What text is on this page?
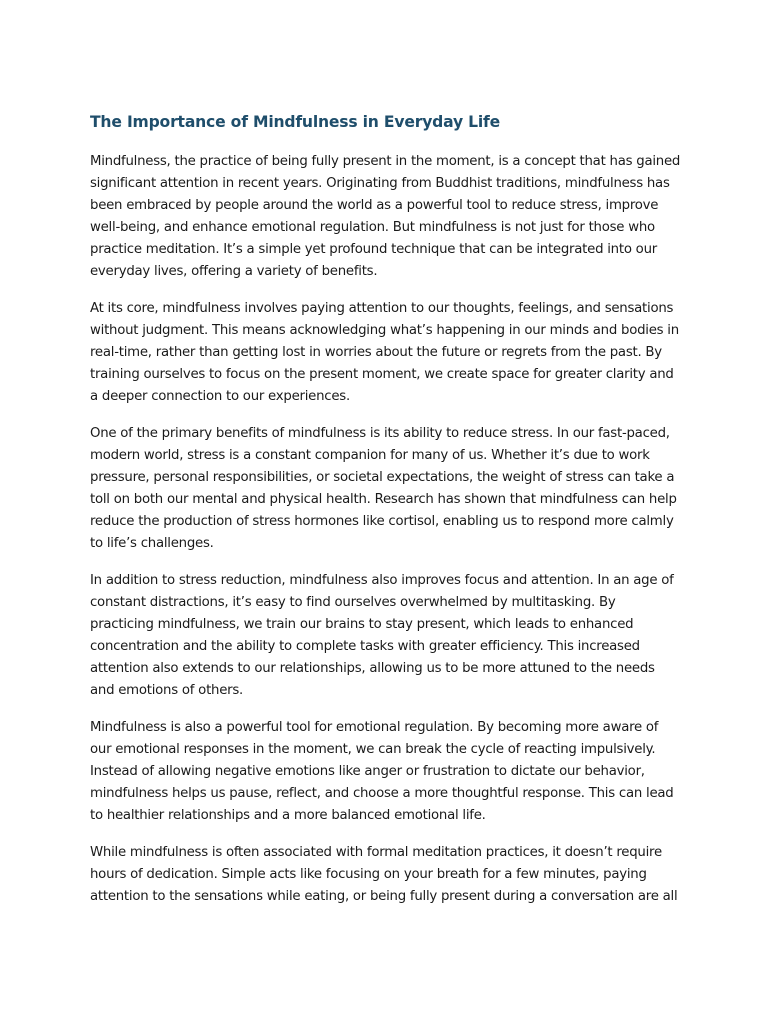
The Importance of Mindfulness in Everyday Life

Mindfulness, the practice of being fully present in the moment, is a concept that has gained significant attention in recent years. Originating from Buddhist traditions, mindfulness has been embraced by people around the world as a powerful tool to reduce stress, improve well-being, and enhance emotional regulation. But mindfulness is not just for those who practice meditation. It’s a simple yet profound technique that can be integrated into our everyday lives, offering a variety of benefits.

At its core, mindfulness involves paying attention to our thoughts, feelings, and sensations without judgment. This means acknowledging what’s happening in our minds and bodies in real-time, rather than getting lost in worries about the future or regrets from the past. By training ourselves to focus on the present moment, we create space for greater clarity and a deeper connection to our experiences.

One of the primary benefits of mindfulness is its ability to reduce stress. In our fast-paced, modern world, stress is a constant companion for many of us. Whether it’s due to work pressure, personal responsibilities, or societal expectations, the weight of stress can take a toll on both our mental and physical health. Research has shown that mindfulness can help reduce the production of stress hormones like cortisol, enabling us to respond more calmly to life’s challenges.

In addition to stress reduction, mindfulness also improves focus and attention. In an age of constant distractions, it’s easy to find ourselves overwhelmed by multitasking. By practicing mindfulness, we train our brains to stay present, which leads to enhanced concentration and the ability to complete tasks with greater efficiency. This increased attention also extends to our relationships, allowing us to be more attuned to the needs and emotions of others.

Mindfulness is also a powerful tool for emotional regulation. By becoming more aware of our emotional responses in the moment, we can break the cycle of reacting impulsively. Instead of allowing negative emotions like anger or frustration to dictate our behavior, mindfulness helps us pause, reflect, and choose a more thoughtful response. This can lead to healthier relationships and a more balanced emotional life.

While mindfulness is often associated with formal meditation practices, it doesn’t require hours of dedication. Simple acts like focusing on your breath for a few minutes, paying attention to the sensations while eating, or being fully present during a conversation are all
